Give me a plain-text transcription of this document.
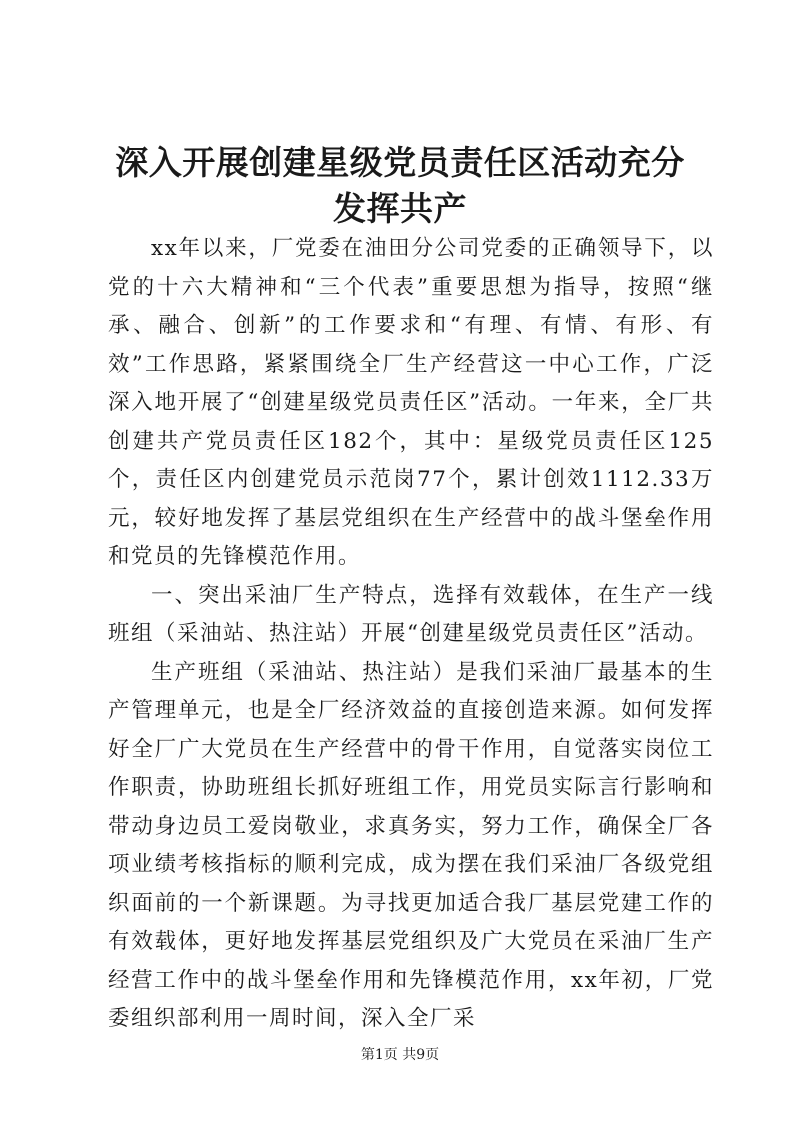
深入开展创建星级党员责任区活动充分发挥共产

xx年以来，厂党委在油田分公司党委的正确领导下，以党的十六大精神和“三个代表”重要思想为指导，按照“继承、融合、创新”的工作要求和“有理、有情、有形、有效”工作思路，紧紧围绕全厂生产经营这一中心工作，广泛深入地开展了“创建星级党员责任区”活动。一年来，全厂共创建共产党员责任区182个，其中：星级党员责任区125个，责任区内创建党员示范岗77个，累计创效1112.33万元，较好地发挥了基层党组织在生产经营中的战斗堡垒作用和党员的先锋模范作用。

一、突出采油厂生产特点，选择有效载体，在生产一线班组（采油站、热注站）开展“创建星级党员责任区”活动。

生产班组（采油站、热注站）是我们采油厂最基本的生产管理单元，也是全厂经济效益的直接创造来源。如何发挥好全厂广大党员在生产经营中的骨干作用，自觉落实岗位工作职责，协助班组长抓好班组工作，用党员实际言行影响和带动身边员工爱岗敬业，求真务实，努力工作，确保全厂各项业绩考核指标的顺利完成，成为摆在我们采油厂各级党组织面前的一个新课题。为寻找更加适合我厂基层党建工作的有效载体，更好地发挥基层党组织及广大党员在采油厂生产经营工作中的战斗堡垒作用和先锋模范作用，xx年初，厂党委组织部利用一周时间，深入全厂采

第1页 共9页
